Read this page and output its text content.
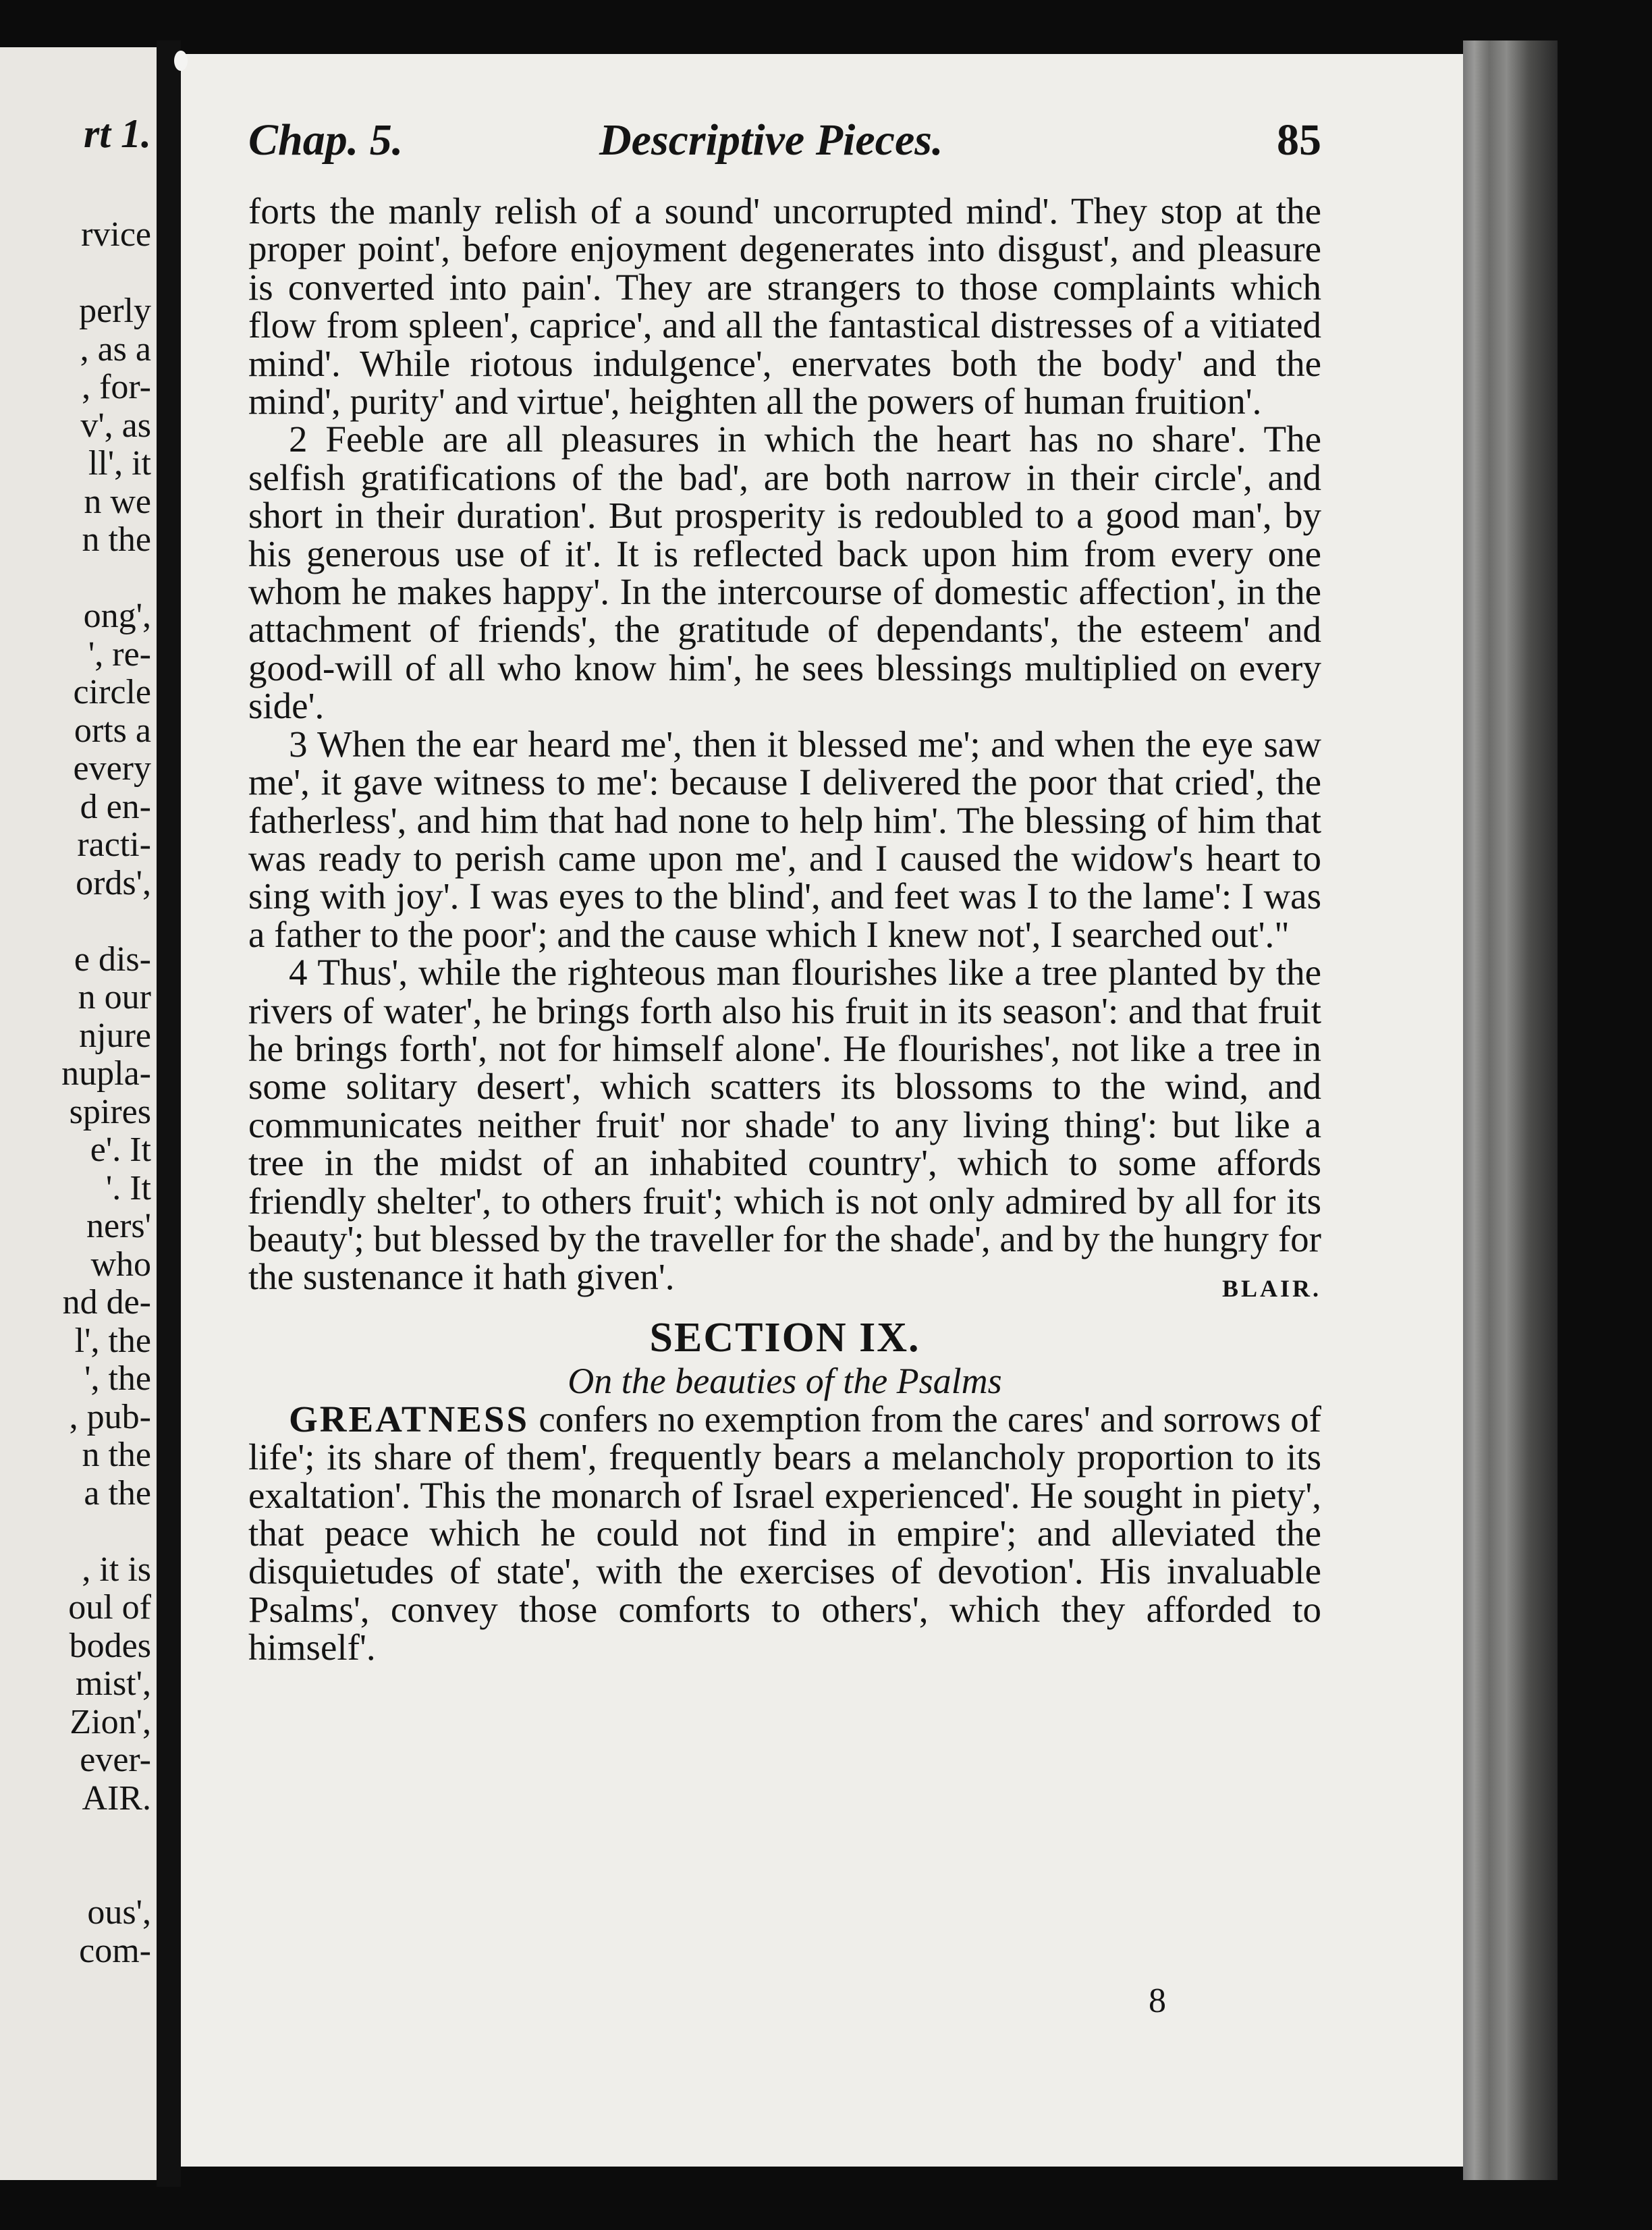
rt 1.
rvice
perly
, as a
, for-
v', as
ll', it
n we
n the
ong',
', re-
circle
orts a
every
d en-
racti-
ords',
e dis-
n our
njure
nupla-
spires
e'. It
'. It
ners'
who
nd de-
l', the
', the
, pub-
n the
a the
, it is
oul of
bodes
mist',
Zion',
ever-
AIR.
ous',
com-
Chap. 5.	Descriptive Pieces.	85

forts the manly relish of a sound' uncorrupted mind'. They stop at the proper point', before enjoyment degenerates into disgust', and pleasure is converted into pain'. They are strangers to those complaints which flow from spleen', caprice', and all the fantastical distresses of a vitiated mind'. While riotous indulgence', enervates both the body' and the mind', purity' and virtue', heighten all the powers of human fruition'.

2 Feeble are all pleasures in which the heart has no share'. The selfish gratifications of the bad', are both narrow in their circle', and short in their duration'. But prosperity is redoubled to a good man', by his generous use of it'. It is reflected back upon him from every one whom he makes happy'. In the intercourse of domestic affection', in the attachment of friends', the gratitude of dependants', the esteem' and good-will of all who know him', he sees blessings multiplied on every side'.

3 When the ear heard me', then it blessed me'; and when the eye saw me', it gave witness to me': because I delivered the poor that cried', the fatherless', and him that had none to help him'. The blessing of him that was ready to perish came upon me', and I caused the widow's heart to sing with joy'. I was eyes to the blind', and feet was I to the lame': I was a father to the poor'; and the cause which I knew not', I searched out'."

4 Thus', while the righteous man flourishes like a tree planted by the rivers of water', he brings forth also his fruit in its season': and that fruit he brings forth', not for himself alone'. He flourishes', not like a tree in some solitary desert', which scatters its blossoms to the wind, and communicates neither fruit' nor shade' to any living thing': but like a tree in the midst of an inhabited country', which to some affords friendly shelter', to others fruit'; which is not only admired by all for its beauty'; but blessed by the traveller for the shade', and by the hungry for the sustenance it hath given'.	BLAIR.
SECTION IX.
On the beauties of the Psalms

GREATNESS confers no exemption from the cares' and sorrows of life'; its share of them', frequently bears a melancholy proportion to its exaltation'. This the monarch of Israel experienced'. He sought in piety', that peace which he could not find in empire'; and alleviated the disquietudes of state', with the exercises of devotion'. His invaluable Psalms', convey those comforts to others', which they afforded to himself'.

8
